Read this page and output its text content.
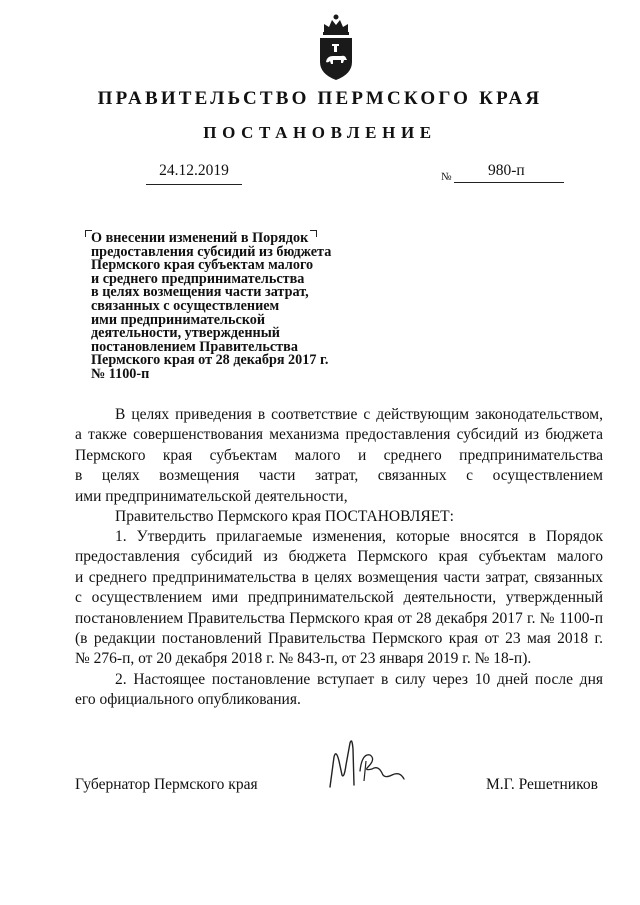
ПРАВИТЕЛЬСТВО ПЕРМСКОГО КРАЯ
ПОСТАНОВЛЕНИЕ
24.12.2019	№ 980-п
О внесении изменений в Порядок
предоставления субсидий из бюджета
Пермского края субъектам малого
и среднего предпринимательства
в целях возмещения части затрат,
связанных с осуществлением
ими предпринимательской
деятельности, утвержденный
постановлением Правительства
Пермского края от 28 декабря 2017 г.
№ 1100-п
В целях приведения в соответствие с действующим законодательством,
а также совершенствования механизма предоставления субсидий из бюджета
Пермского края субъектам малого и среднего предпринимательства
в целях возмещения части затрат, связанных с осуществлением
ими предпринимательской деятельности,
Правительство Пермского края ПОСТАНОВЛЯЕТ:
1. Утвердить прилагаемые изменения, которые вносятся в Порядок
предоставления субсидий из бюджета Пермского края субъектам малого
и среднего предпринимательства в целях возмещения части затрат, связанных
с осуществлением ими предпринимательской деятельности, утвержденный
постановлением Правительства Пермского края от 28 декабря 2017 г. № 1100-п
(в редакции постановлений Правительства Пермского края от 23 мая 2018 г.
№ 276-п, от 20 декабря 2018 г. № 843-п, от 23 января 2019 г. № 18-п).
2. Настоящее постановление вступает в силу через 10 дней после дня
его официального опубликования.
Губернатор Пермского края	М.Г. Решетников
